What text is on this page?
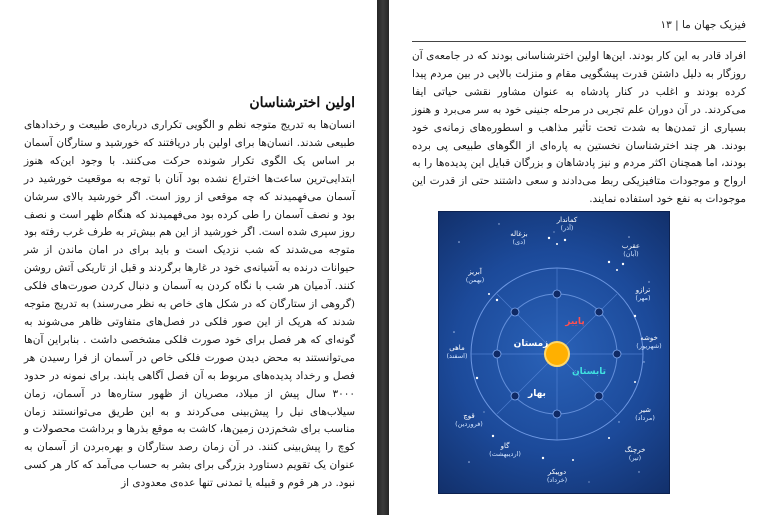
اولین اخترشناسان

انسان‌ها به تدریج متوجه نظم و الگویی تکراری درباره‌ی طبیعت و رخدادهای طبیعی شدند. انسان‌ها برای اولین بار دریافتند که خورشید و ستارگان آسمان بر اساس یک الگوی تکرار شونده حرکت می‌کنند. با وجود این‌که هنوز ابتدایی‌ترین ساعت‌ها اختراع نشده بود آنان با توجه به موقعیت خورشید در آسمان می‌فهمیدند که چه موقعی از روز است. اگر خورشید بالای سرشان بود و نصف آسمان را طی کرده بود می‌فهمیدند که هنگام ظهر است و نصف روز سپری شده است. اگر خورشید از این هم بیش‌تر به طرف غرب رفته بود متوجه می‌شدند که شب نزدیک است و باید برای در امان ماندن از شر حیوانات درنده به آشیانه‌ی خود در غارها برگردند و قبل از تاریکی آتش روشن کنند. آدمیان هر شب با نگاه کردن به آسمان و دنبال کردن صورت‌های فلکی (گروهی از ستارگان که در شکل های خاص به نظر می‌رسند) به تدریج متوجه شدند که هریک از این صور فلکی در فصل‌های متفاوتی ظاهر می‌شوند به گونه‌ای که هر فصل برای خود صورت فلکی مشخصی داشت . بنابراین آن‌ها می‌توانستند به محض دیدن صورت فلکی خاص در آسمان از فرا رسیدن هر فصل و رخداد پدیده‌های مربوط به آن فصل آگاهی یابند. برای نمونه در حدود ۳۰۰۰ سال پیش از میلاد، مصریان از ظهور ستاره‌ها در آسمان، زمان سیلاب‌های نیل را پیش‌بینی می‌کردند و به این طریق می‌توانستند زمان مناسب برای شخم‌زدن زمین‌ها، کاشت به موقع بذرها و برداشت محصولات و کوچ را پیش‌بینی کنند. در آن زمان رصد ستارگان و بهره‌بردن از آسمان به عنوان یک تقویم دستاورد بزرگی برای بشر به حساب می‌آمد که کار هر کسی نبود. در هر قوم و قبیله یا تمدنی تنها عده‌ی معدودی از

فیزیک جهان ما | ۱۳

افراد قادر به این کار بودند. این‌ها اولین اخترشناسانی بودند که در جامعه‌ی آن روزگار به دلیل داشتن قدرت پیشگویی مقام و منزلت بالایی در بین مردم پیدا کرده بودند و اغلب در کنار پادشاه به عنوان مشاور نقشی حیاتی ایفا می‌کردند. در آن دوران علم تجربی در مرحله جنینی خود به سر می‌برد و هنوز بسیاری از تمدن‌ها به شدت تحت تأثیر مذاهب و اسطوره‌های زمانه‌ی خود بودند. هر چند اخترشناسان نخستین به پاره‌ای از الگوهای طبیعی پی برده بودند، اما همچنان اکثر مردم و نیز پادشاهان و بزرگان قبایل این پدیده‌ها را به ارواح و موجودات متافیزیکی ربط می‌دادند و سعی داشتند حتی از قدرت این موجودات به نفع خود استفاده نمایند.

پاییز
زمستان
تابستان
بهار
کماندار
(آذر)
بزغاله
(دی)	عقرب
(آبان)
آبریز
(بهمن)
ترازو
(مهر)
ماهی
(اسفند)
خوشه
(شهریور)
قوچ
(فروردین)
شیر
(مرداد)
گاو
(اردیبهشت)	خرچنگ
(تیر)
دوپیکر
(خرداد)
